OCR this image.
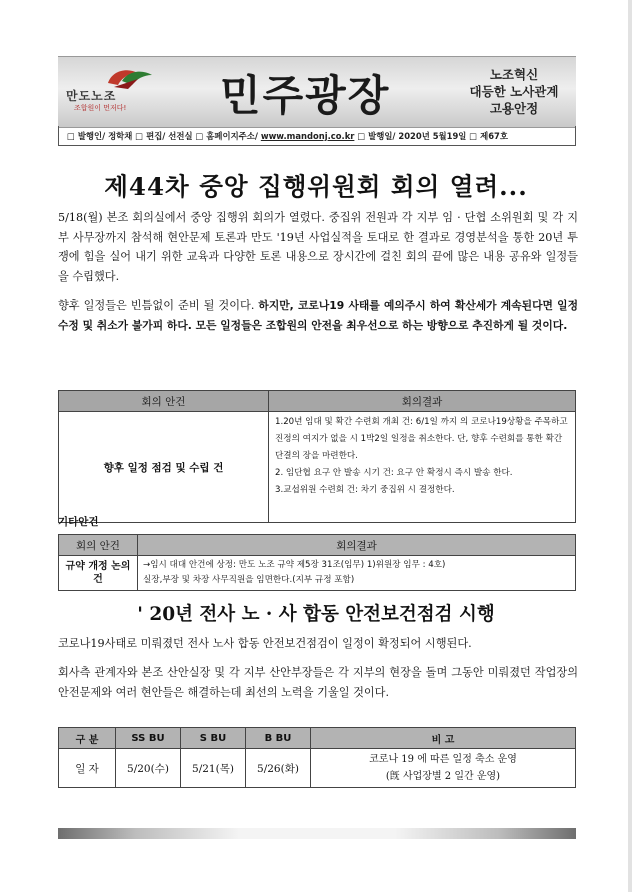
만도노조
조합원이 먼저다! 민주광장	노조혁신
대등한 노사관계
고용안정
□ 발행인/ 정학채 □ 편집/ 선전실 □ 홈페이지주소/ www.mandonj.co.kr □ 발행일/ 2020년 5월19일 □ 제67호
제44차 중앙 집행위원회 회의 열려...
5/18(월) 본조 회의실에서 중앙 집행위 회의가 열렸다. 중집위 전원과 각 지부 임 · 단협 소위원회 및 각 지부 사무장까지 참석해 현안문제 토론과 만도 '19년 사업실적을 토대로 한 결과로 경영분석을 통한 20년 투쟁에 힘을 실어 내기 위한 교육과 다양한 토론 내용으로 장시간에 걸친 회의 끝에 많은 내용 공유와 일정들을 수립했다.
향후 일정들은 빈틈없이 준비 될 것이다. 하지만, 코로나19 사태를 예의주시 하여 확산세가 계속된다면 일정 수정 및 취소가 불가피 하다. 모든 일정들은 조합원의 안전을 최우선으로 하는 방향으로 추진하게 될 것이다.
회의 안건	회의결과
향후 일정 점검 및 수립 건	1.20년 임대 및 확간 수련회 개최 건: 6/1일 까지 의 코로나19상황을 주목하고 진정의 여지가 없을 시 1박2일 일정을 취소한다. 단, 향후 수련회를 통한 확간 단결의 장을 마련한다.
2. 임단협 요구 안 발송 시기 건: 요구 안 확정시 즉시 발송 한다.
3.교섭위원 수련회 건: 차기 중집위 시 결정한다.
기타안건
회의 안건	회의결과
규약 개정 논의 건	→임시 대대 안건에 상정: 만도 노조 규약 제5장 31조(임무) 1)위원장 임무 : 4호)
실장,부장 및 차장 사무직원을 임면한다.(지부 규정 포함)
' 20년 전사 노 · 사 합동 안전보건점검 시행
코로나19사태로 미뤄졌던 전사 노사 합동 안전보건점검이 일정이 확정되어 시행된다.
회사측 관계자와 본조 산안실장 및 각 지부 산안부장들은 각 지부의 현장을 돌며 그동안 미뤄졌던 작업장의 안전문제와 여러 현안들은 해결하는데 최선의 노력을 기울일 것이다.
구 분	SS BU	S BU	B BU	비 고
일 자	5/20(수)	5/21(목)	5/26(화)	코로나 19 에 따른 일정 축소 운영
(旣 사업장별 2 일간 운영)
